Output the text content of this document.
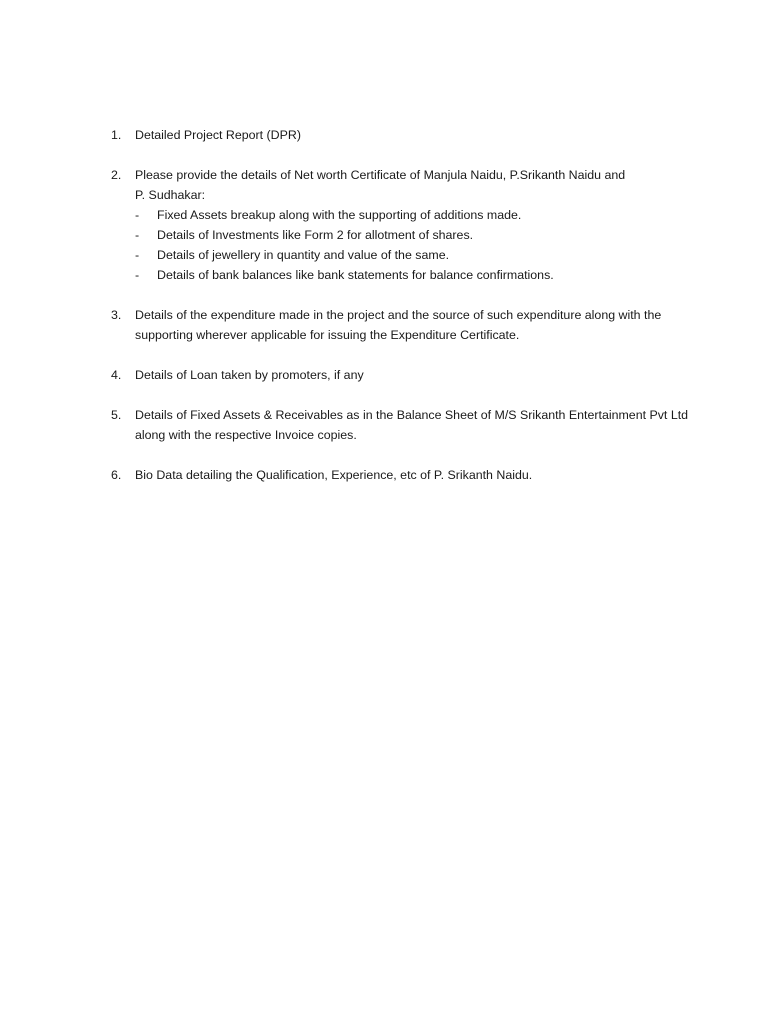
1.	Detailed Project Report (DPR)
2.	Please provide the details of Net worth Certificate of Manjula Naidu, P.Srikanth Naidu and
P. Sudhakar:
-	Fixed Assets breakup along with the supporting of additions made.
-	Details of Investments like Form 2 for allotment of shares.
-	Details of jewellery in quantity and value of the same.
-	Details of bank balances like bank statements for balance confirmations.
3.	Details of the expenditure made in the project and the source of such expenditure along with the
supporting wherever applicable for issuing the Expenditure Certificate.
4.	Details of Loan taken by promoters, if any
5.	Details of Fixed Assets & Receivables as in the Balance Sheet of M/S Srikanth Entertainment Pvt Ltd
along with the respective Invoice copies.
6.	Bio Data detailing the Qualification, Experience, etc of P. Srikanth Naidu.
